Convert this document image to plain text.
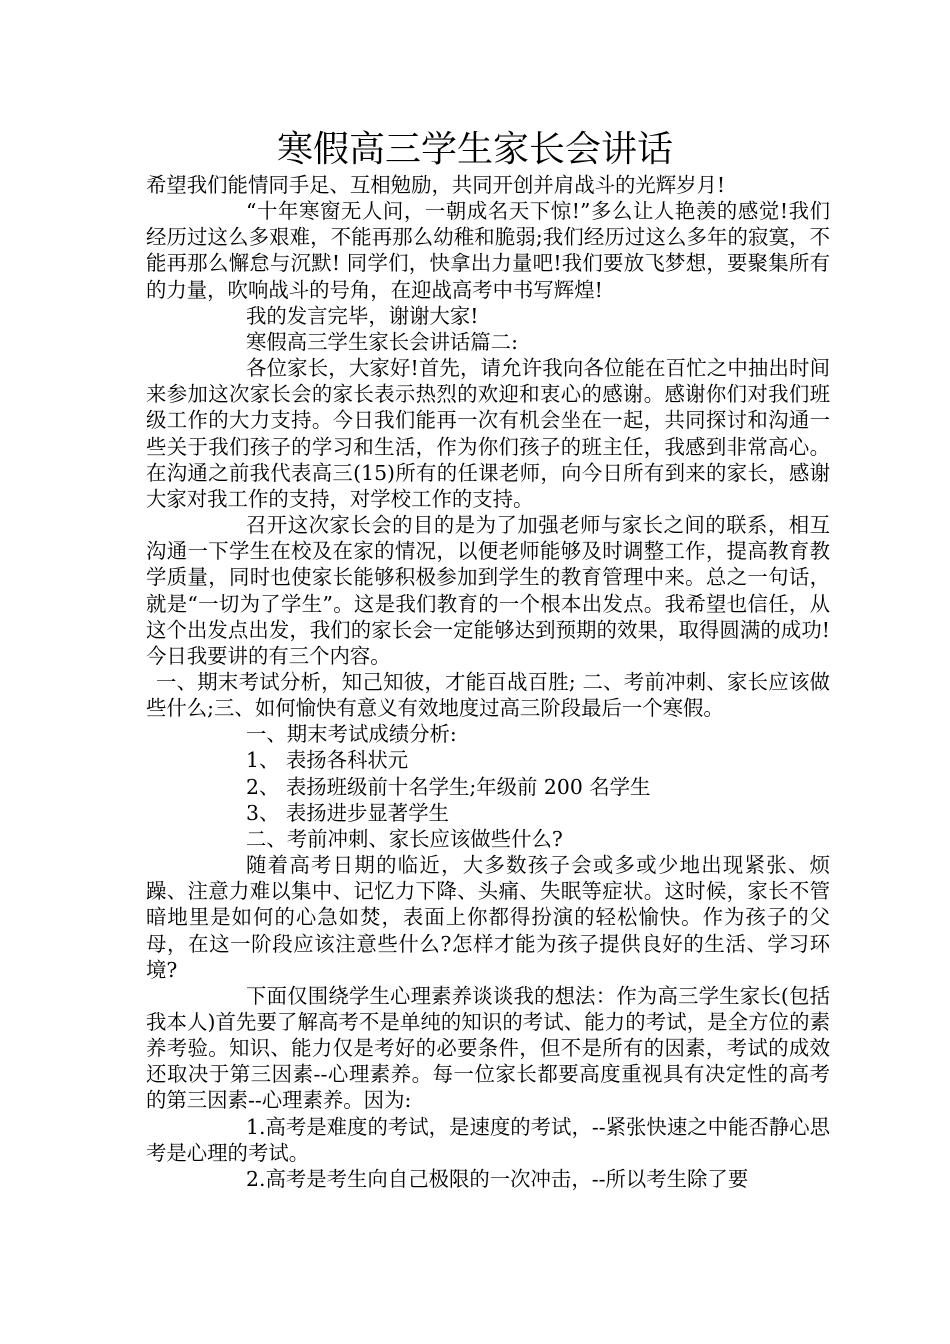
寒假高三学生家长会讲话

希望我们能情同手足、互相勉励，共同开创并肩战斗的光辉岁月!

“十年寒窗无人问，一朝成名天下惊!”多么让人艳羡的感觉!我们经历过这么多艰难，不能再那么幼稚和脆弱;我们经历过这么多年的寂寞，不能再那么懈怠与沉默! 同学们，快拿出力量吧!我们要放飞梦想，要聚集所有的力量，吹响战斗的号角，在迎战高考中书写辉煌!

我的发言完毕，谢谢大家!

寒假高三学生家长会讲话篇二:

各位家长，大家好!首先，请允许我向各位能在百忙之中抽出时间来参加这次家长会的家长表示热烈的欢迎和衷心的感谢。感谢你们对我们班级工作的大力支持。今日我们能再一次有机会坐在一起，共同探讨和沟通一些关于我们孩子的学习和生活，作为你们孩子的班主任，我感到非常高心。在沟通之前我代表高三(15)所有的任课老师，向今日所有到来的家长，感谢大家对我工作的支持，对学校工作的支持。

召开这次家长会的目的是为了加强老师与家长之间的联系，相互沟通一下学生在校及在家的情况，以便老师能够及时调整工作，提高教育教学质量，同时也使家长能够积极参加到学生的教育管理中来。总之一句话，就是“一切为了学生”。这是我们教育的一个根本出发点。我希望也信任，从这个出发点出发，我们的家长会一定能够达到预期的效果，取得圆满的成功!今日我要讲的有三个内容。

一、期末考试分析，知己知彼，才能百战百胜; 二、考前冲刺、家长应该做些什么;三、如何愉快有意义有效地度过高三阶段最后一个寒假。

一、期末考试成绩分析:

1、 表扬各科状元

2、 表扬班级前十名学生;年级前 200 名学生

3、 表扬进步显著学生

二、考前冲刺、家长应该做些什么?

随着高考日期的临近，大多数孩子会或多或少地出现紧张、烦躁、注意力难以集中、记忆力下降、头痛、失眠等症状。这时候，家长不管暗地里是如何的心急如焚，表面上你都得扮演的轻松愉快。作为孩子的父母，在这一阶段应该注意些什么?怎样才能为孩子提供良好的生活、学习环境?

下面仅围绕学生心理素养谈谈我的想法：作为高三学生家长(包括我本人)首先要了解高考不是单纯的知识的考试、能力的考试，是全方位的素养考验。知识、能力仅是考好的必要条件，但不是所有的因素，考试的成效还取决于第三因素--心理素养。每一位家长都要高度重视具有决定性的高考的第三因素--心理素养。因为:

1.高考是难度的考试，是速度的考试，--紧张快速之中能否静心思考是心理的考试。

2.高考是考生向自己极限的一次冲击，--所以考生除了要
